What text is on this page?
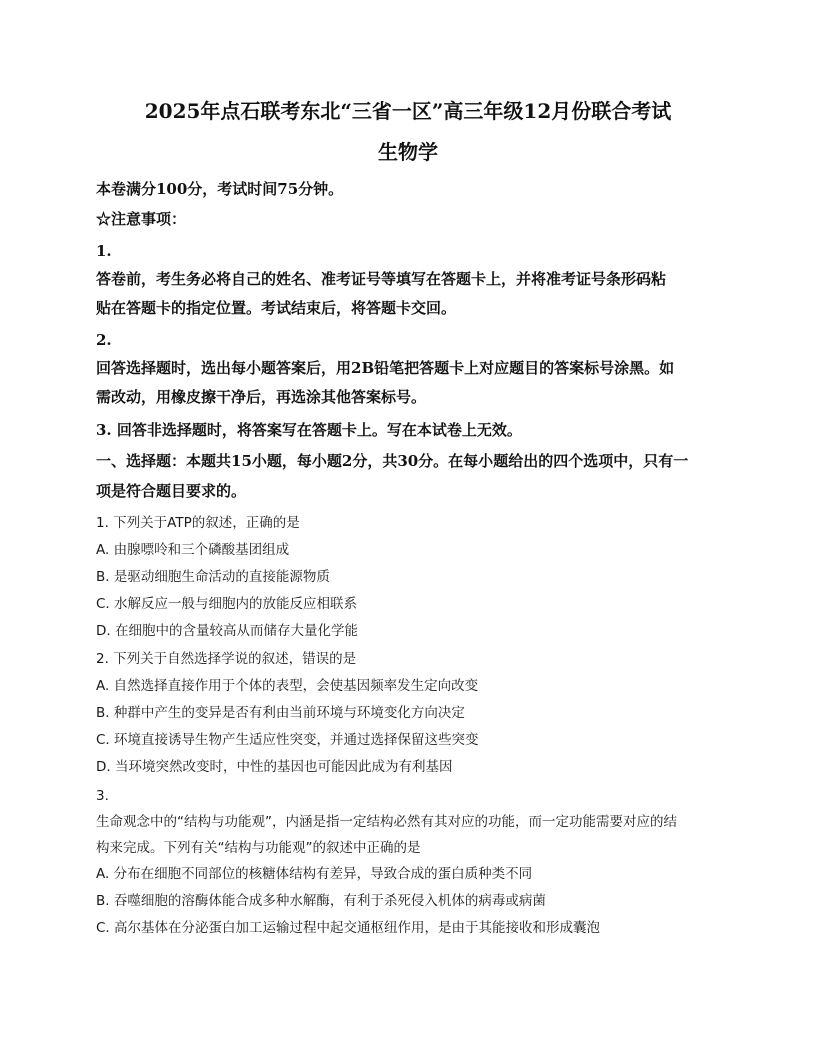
2025年点石联考东北“三省一区”高三年级12月份联合考试
生物学
本卷满分100分，考试时间75分钟。
☆注意事项：
1.
答卷前，考生务必将自己的姓名、准考证号等填写在答题卡上，并将准考证号条形码粘
贴在答题卡的指定位置。考试结束后，将答题卡交回。
2.
回答选择题时，选出每小题答案后，用2B铅笔把答题卡上对应题目的答案标号涂黑。如
需改动，用橡皮擦干净后，再选涂其他答案标号。
3. 回答非选择题时，将答案写在答题卡上。写在本试卷上无效。
一、选择题：本题共15小题，每小题2分，共30分。在每小题给出的四个选项中，只有一
项是符合题目要求的。
1. 下列关于ATP的叙述，正确的是
A. 由腺嘌呤和三个磷酸基团组成
B. 是驱动细胞生命活动的直接能源物质
C. 水解反应一般与细胞内的放能反应相联系
D. 在细胞中的含量较高从而储存大量化学能
2. 下列关于自然选择学说的叙述，错误的是
A. 自然选择直接作用于个体的表型，会使基因频率发生定向改变
B. 种群中产生的变异是否有利由当前环境与环境变化方向决定
C. 环境直接诱导生物产生适应性突变，并通过选择保留这些突变
D. 当环境突然改变时，中性的基因也可能因此成为有利基因
3.
生命观念中的“结构与功能观”，内涵是指一定结构必然有其对应的功能，而一定功能需要对应的结
构来完成。下列有关“结构与功能观”的叙述中正确的是
A. 分布在细胞不同部位的核糖体结构有差异，导致合成的蛋白质种类不同
B. 吞噬细胞的溶酶体能合成多种水解酶，有利于杀死侵入机体的病毒或病菌
C. 高尔基体在分泌蛋白加工运输过程中起交通枢纽作用，是由于其能接收和形成囊泡
